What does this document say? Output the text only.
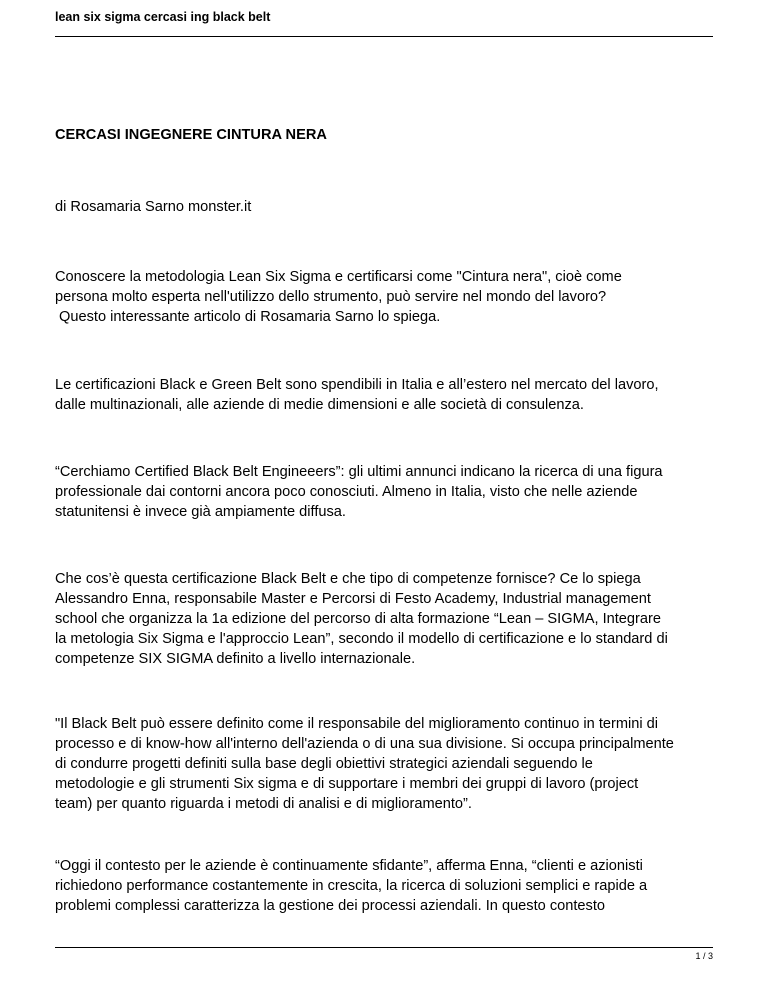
lean six sigma cercasi ing black belt
CERCASI INGEGNERE CINTURA NERA
di Rosamaria Sarno monster.it
Conoscere la metodologia Lean Six Sigma e certificarsi come "Cintura nera", cioè come
persona molto esperta nell'utilizzo dello strumento, può servire nel mondo del lavoro?
Questo interessante articolo di Rosamaria Sarno lo spiega.
Le certificazioni Black e Green Belt sono spendibili in Italia e all’estero nel mercato del lavoro,
dalle multinazionali, alle aziende di medie dimensioni e alle società di consulenza.
“Cerchiamo Certified Black Belt Engineeers”: gli ultimi annunci indicano la ricerca di una figura
professionale dai contorni ancora poco conosciuti. Almeno in Italia, visto che nelle aziende
statunitensi è invece già ampiamente diffusa.
Che cos’è questa certificazione Black Belt e che tipo di competenze fornisce? Ce lo spiega
Alessandro Enna, responsabile Master e Percorsi di Festo Academy, Industrial management
school che organizza la 1a edizione del percorso di alta formazione “Lean – SIGMA, Integrare
la metologia Six Sigma e l'approccio Lean”, secondo il modello di certificazione e lo standard di
competenze SIX SIGMA definito a livello internazionale.
"Il Black Belt può essere definito come il responsabile del miglioramento continuo in termini di
processo e di know-how all'interno dell'azienda o di una sua divisione. Si occupa principalmente
di condurre progetti definiti sulla base degli obiettivi strategici aziendali seguendo le
metodologie e gli strumenti Six sigma e di supportare i membri dei gruppi di lavoro (project
team) per quanto riguarda i metodi di analisi e di miglioramento”.
“Oggi il contesto per le aziende è continuamente sfidante”, afferma Enna, “clienti e azionisti
richiedono performance costantemente in crescita, la ricerca di soluzioni semplici e rapide a
problemi complessi caratterizza la gestione dei processi aziendali. In questo contesto
1 / 3
